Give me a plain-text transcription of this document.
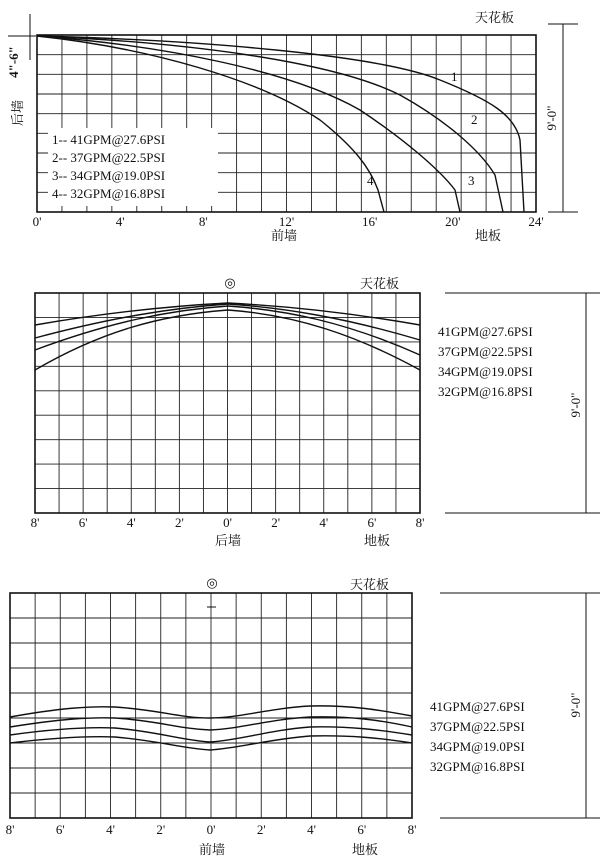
1
2
3
4
1-- 41GPM@27.6PSI
2-- 37GPM@22.5PSI
3-- 34GPM@19.0PSI
4-- 32GPM@16.8PSI
天花板
后墙
4"-6"
前墙	地板
9'-0"
0'	4'	8'	12'	16'	20'	24'
◎	天花板
41GPM@27.6PSI
37GPM@22.5PSI
34GPM@19.0PSI
32GPM@16.8PSI
后墙	地板
9'-0"
8'	6'	4'	2'	0'	2'	4'	6'	8'
◎	天花板
41GPM@27.6PSI
37GPM@22.5PSI
34GPM@19.0PSI
32GPM@16.8PSI
前墙	地板
9'-0"
8'	6'	4'	2'	0'	2'	4'	6'	8'
